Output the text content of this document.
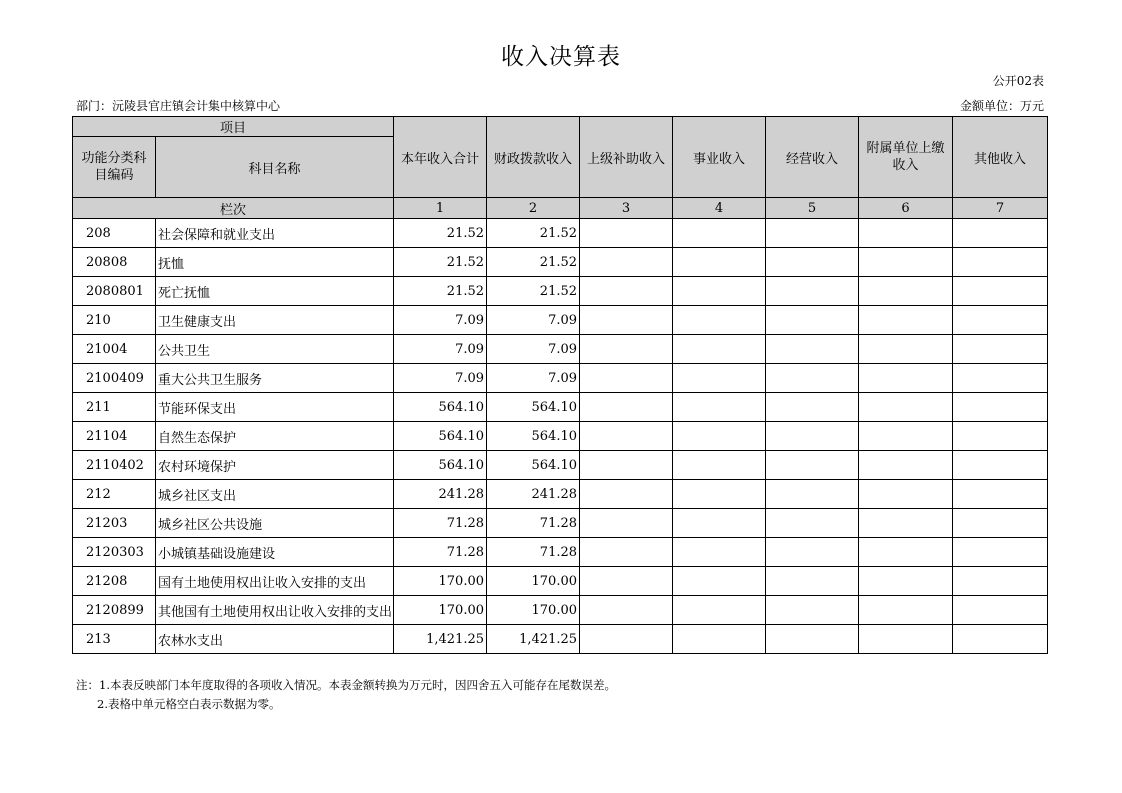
收入决算表
公开02表
部门：沅陵县官庄镇会计集中核算中心	金额单位：万元
项目		本年收入合计	财政拨款收入	上级补助收入	事业收入	经营收入	附属单位上缴收入	其他收入
功能分类科目编码	科目名称							
栏次		1	2	3	4	5	6	7
208	社会保障和就业支出	21.52	21.52					
20808	抚恤	21.52	21.52					
2080801	死亡抚恤	21.52	21.52					
210	卫生健康支出	7.09	7.09					
21004	公共卫生	7.09	7.09					
2100409	重大公共卫生服务	7.09	7.09					
211	节能环保支出	564.10	564.10					
21104	自然生态保护	564.10	564.10					
2110402	农村环境保护	564.10	564.10					
212	城乡社区支出	241.28	241.28					
21203	城乡社区公共设施	71.28	71.28					
2120303	小城镇基础设施建设	71.28	71.28					
21208	国有土地使用权出让收入安排的支出	170.00	170.00					
2120899	其他国有土地使用权出让收入安排的支出	170.00	170.00					
213	农林水支出	1,421.25	1,421.25					
注：1.本表反映部门本年度取得的各项收入情况。本表金额转换为万元时，因四舍五入可能存在尾数误差。
2.表格中单元格空白表示数据为零。
